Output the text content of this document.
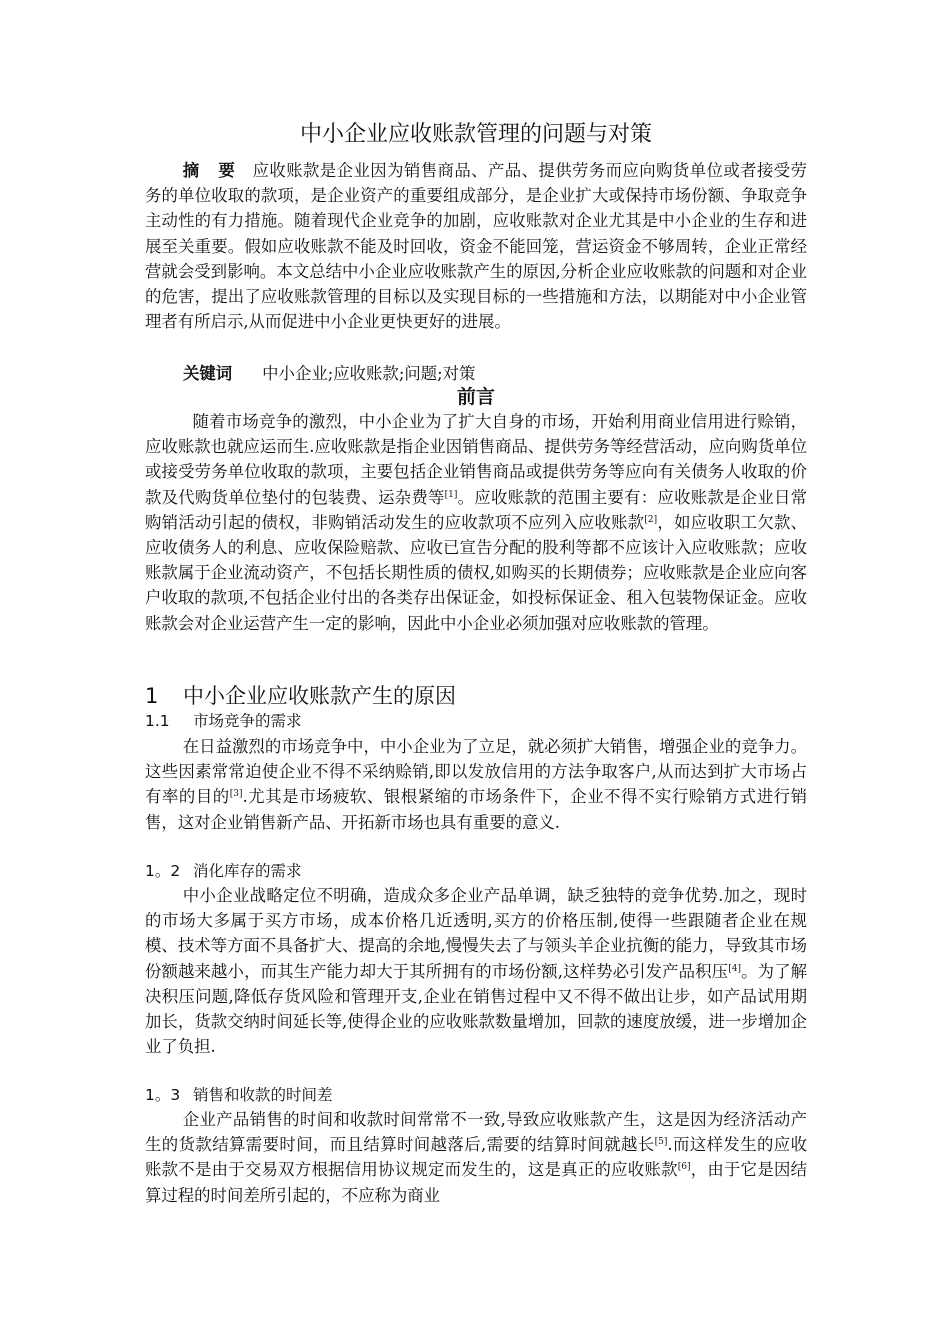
中小企业应收账款管理的问题与对策

摘　要 应收账款是企业因为销售商品、产品、提供劳务而应向购货单位或者接受劳务的单位收取的款项，是企业资产的重要组成部分，是企业扩大或保持市场份额、争取竞争主动性的有力措施。随着现代企业竞争的加剧，应收账款对企业尤其是中小企业的生存和进展至关重要。假如应收账款不能及时回收，资金不能回笼，营运资金不够周转，企业正常经营就会受到影响。本文总结中小企业应收账款产生的原因,分析企业应收账款的问题和对企业的危害，提出了应收账款管理的目标以及实现目标的一些措施和方法，以期能对中小企业管理者有所启示,从而促进中小企业更快更好的进展。

关键词 中小企业;应收账款;问题;对策
前言

随着市场竞争的激烈，中小企业为了扩大自身的市场，开始利用商业信用进行赊销，应收账款也就应运而生.应收账款是指企业因销售商品、提供劳务等经营活动，应向购货单位或接受劳务单位收取的款项，主要包括企业销售商品或提供劳务等应向有关债务人收取的价款及代购货单位垫付的包装费、运杂费等[1]。应收账款的范围主要有：应收账款是企业日常购销活动引起的债权，非购销活动发生的应收款项不应列入应收账款[2]，如应收职工欠款、应收债务人的利息、应收保险赔款、应收已宣告分配的股利等都不应该计入应收账款；应收账款属于企业流动资产，不包括长期性质的债权,如购买的长期债券；应收账款是企业应向客户收取的款项,不包括企业付出的各类存出保证金，如投标保证金、租入包装物保证金。应收账款会对企业运营产生一定的影响，因此中小企业必须加强对应收账款的管理。

1 中小企业应收账款产生的原因
1.1 市场竞争的需求

在日益激烈的市场竞争中，中小企业为了立足，就必须扩大销售，增强企业的竞争力。这些因素常常迫使企业不得不采纳赊销,即以发放信用的方法争取客户,从而达到扩大市场占有率的目的[3].尤其是市场疲软、银根紧缩的市场条件下，企业不得不实行赊销方式进行销售，这对企业销售新产品、开拓新市场也具有重要的意义.

1。2 消化库存的需求

中小企业战略定位不明确，造成众多企业产品单调，缺乏独特的竞争优势.加之，现时的市场大多属于买方市场，成本价格几近透明,买方的价格压制,使得一些跟随者企业在规模、技术等方面不具备扩大、提高的余地,慢慢失去了与领头羊企业抗衡的能力，导致其市场份额越来越小，而其生产能力却大于其所拥有的市场份额,这样势必引发产品积压[4]。为了解决积压问题,降低存货风险和管理开支,企业在销售过程中又不得不做出让步，如产品试用期加长，货款交纳时间延长等,使得企业的应收账款数量增加，回款的速度放缓，进一步增加企业了负担.

1。3 销售和收款的时间差

企业产品销售的时间和收款时间常常不一致,导致应收账款产生，这是因为经济活动产生的货款结算需要时间，而且结算时间越落后,需要的结算时间就越长[5].而这样发生的应收账款不是由于交易双方根据信用协议规定而发生的，这是真正的应收账款[6]，由于它是因结算过程的时间差所引起的，不应称为商业
